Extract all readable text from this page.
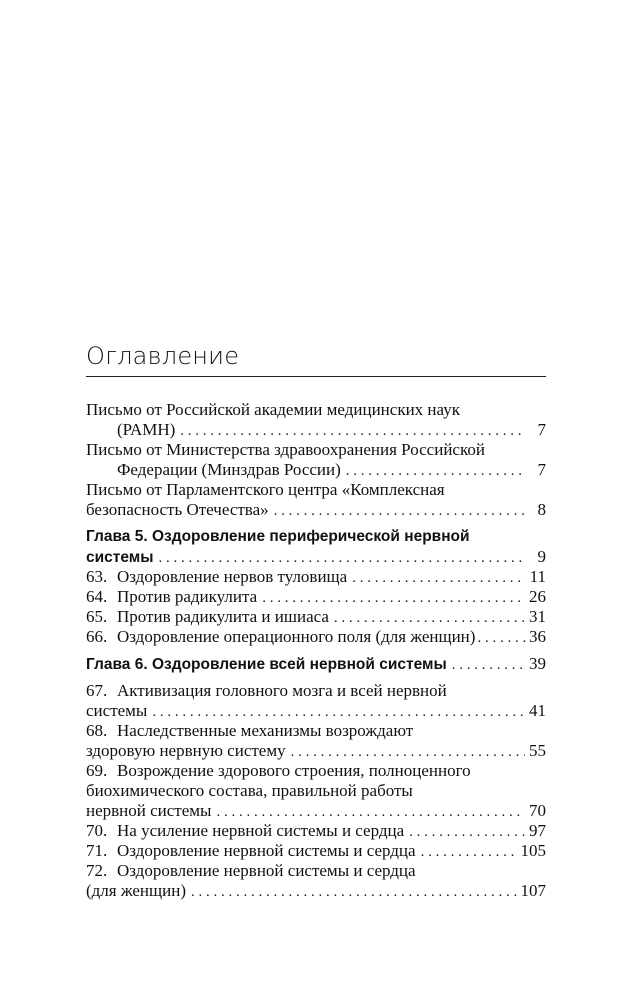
Оглавление
Письмо от Российской академии медицинских наук
(РАМН) . . .	7
Письмо от Министерства здравоохранения Российской
Федерации (Минздрав России) . . .	7
Письмо от Парламентского центра «Комплексная
безопасность Отечества» . . .	8
Глава 5. Оздоровление периферической нервной
системы . . .	9
63. Оздоровление нервов туловища . . .	11
64. Против радикулита . . .	26
65. Против радикулита и ишиаса . . .	31
66. Оздоровление операционного поля (для женщин) . . .	36
Глава 6. Оздоровление всей нервной системы . . .	39
67. Активизация головного мозга и всей нервной
системы . . .	41
68. Наследственные механизмы возрождают
здоровую нервную систему . . .	55
69. Возрождение здорового строения, полноценного
биохимического состава, правильной работы
нервной системы . . .	70
70. На усиление нервной системы и сердца . . .	97
71. Оздоровление нервной системы и сердца . . .	105
72. Оздоровление нервной системы и сердца
(для женщин) . . .	107
